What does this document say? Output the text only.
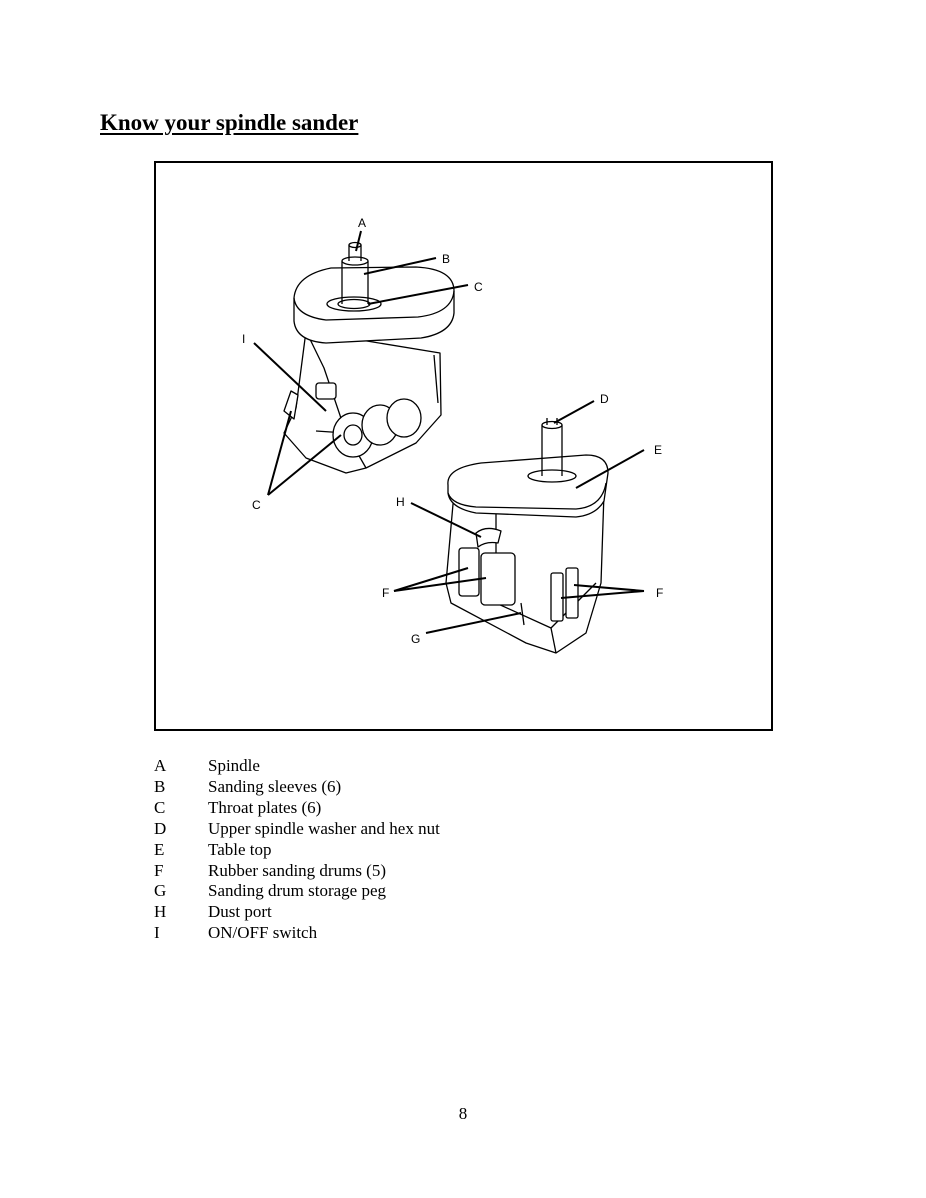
Know your spindle sander
A
B
C
I
C
D
E
H
F	F
G
A	Spindle
B	Sanding sleeves (6)
C	Throat plates (6)
D	Upper spindle washer and hex nut
E	Table top
F	Rubber sanding drums (5)
G	Sanding drum storage peg
H	Dust port
I	ON/OFF switch
8
